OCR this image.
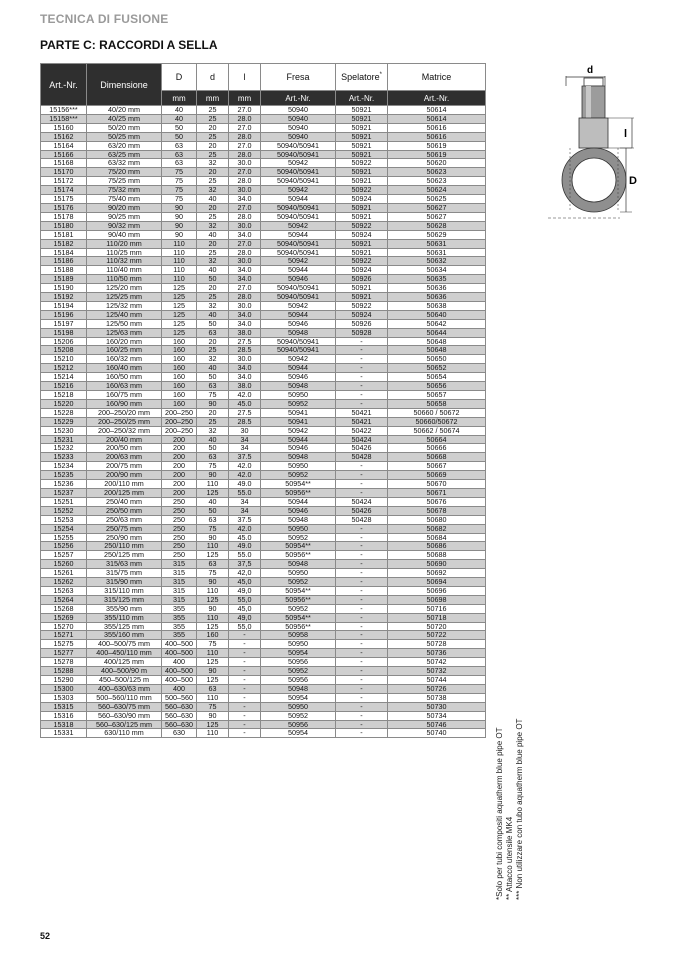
TECNICA DI FUSIONE
PARTE C: RACCORDI A SELLA
Art.-Nr.	Dimensione	D	d	l	Fresa	Spelatore*	Matrice
		mm	mm	mm	Art.-Nr.	Art.-Nr.	Art.-Nr.
15156***	40/20 mm	40	25	27.0	50940	50921	50614
15158***	40/25 mm	40	25	28.0	50940	50921	50614
15160	50/20 mm	50	20	27.0	50940	50921	50616
15162	50/25 mm	50	25	28.0	50940	50921	50616
15164	63/20 mm	63	20	27.0	50940/50941	50921	50619
15166	63/25 mm	63	25	28.0	50940/50941	50921	50619
15168	63/32 mm	63	32	30.0	50942	50922	50620
15170	75/20 mm	75	20	27.0	50940/50941	50921	50623
15172	75/25 mm	75	25	28.0	50940/50941	50921	50623
15174	75/32 mm	75	32	30.0	50942	50922	50624
15175	75/40 mm	75	40	34.0	50944	50924	50625
15176	90/20 mm	90	20	27.0	50940/50941	50921	50627
15178	90/25 mm	90	25	28.0	50940/50941	50921	50627
15180	90/32 mm	90	32	30.0	50942	50922	50628
15181	90/40 mm	90	40	34.0	50944	50924	50629
15182	110/20 mm	110	20	27.0	50940/50941	50921	50631
15184	110/25 mm	110	25	28.0	50940/50941	50921	50631
15186	110/32 mm	110	32	30.0	50942	50922	50632
15188	110/40 mm	110	40	34.0	50944	50924	50634
15189	110/50 mm	110	50	34.0	50946	50926	50635
15190	125/20 mm	125	20	27.0	50940/50941	50921	50636
15192	125/25 mm	125	25	28.0	50940/50941	50921	50636
15194	125/32 mm	125	32	30.0	50942	50922	50638
15196	125/40 mm	125	40	34.0	50944	50924	50640
15197	125/50 mm	125	50	34.0	50946	50926	50642
15198	125/63 mm	125	63	38.0	50948	50928	50644
15206	160/20 mm	160	20	27.5	50940/50941	-	50648
15208	160/25 mm	160	25	28.5	50940/50941	-	50648
15210	160/32 mm	160	32	30.0	50942	-	50650
15212	160/40 mm	160	40	34.0	50944	-	50652
15214	160/50 mm	160	50	34.0	50946	-	50654
15216	160/63 mm	160	63	38.0	50948	-	50656
15218	160/75 mm	160	75	42.0	50950	-	50657
15220	160/90 mm	160	90	45.0	50952	-	50658
15228	200–250/20 mm	200–250	20	27.5	50941	50421	50660 / 50672
15229	200–250/25 mm	200–250	25	28.5	50941	50421	50660/50672
15230	200–250/32 mm	200–250	32	30	50942	50422	50662 / 50674
15231	200/40 mm	200	40	34	50944	50424	50664
15232	200/50 mm	200	50	34	50946	50426	50666
15233	200/63 mm	200	63	37.5	50948	50428	50668
15234	200/75 mm	200	75	42.0	50950	-	50667
15235	200/90 mm	200	90	42.0	50952	-	50669
15236	200/110 mm	200	110	49.0	50954**	-	50670
15237	200/125 mm	200	125	55.0	50956**	-	50671
15251	250/40 mm	250	40	34	50944	50424	50676
15252	250/50 mm	250	50	34	50946	50426	50678
15253	250/63 mm	250	63	37.5	50948	50428	50680
15254	250/75 mm	250	75	42.0	50950	-	50682
15255	250/90 mm	250	90	45.0	50952	-	50684
15256	250/110 mm	250	110	49.0	50954**	-	50686
15257	250/125 mm	250	125	55.0	50956**	-	50688
15260	315/63 mm	315	63	37,5	50948	-	50690
15261	315/75 mm	315	75	42,0	50950	-	50692
15262	315/90 mm	315	90	45,0	50952	-	50694
15263	315/110 mm	315	110	49,0	50954**	-	50696
15264	315/125 mm	315	125	55,0	50956**	-	50698
15268	355/90 mm	355	90	45,0	50952	-	50716
15269	355/110 mm	355	110	49,0	50954**	-	50718
15270	355/125 mm	355	125	55,0	50956**	-	50720
15271	355/160 mm	355	160	-	50958	-	50722
15275	400–500/75 mm	400–500	75	-	50950	-	50728
15277	400–450/110 mm	400–500	110	-	50954	-	50736
15278	400/125 mm	400	125	-	50956	-	50742
15288	400–500/90 m	400–500	90	-	50952	-	50732
15290	450–500/125 m	400–500	125	-	50956	-	50744
15300	400–630/63 mm	400	63	-	50948	-	50726
15303	500–560/110 mm	500–560	110	-	50954	-	50738
15315	560–630/75 mm	560–630	75	-	50950	-	50730
15316	560–630/90 mm	560–630	90	-	50952	-	50734
15318	560–630/125 mm	560–630	125	-	50956	-	50746
15331	630/110 mm	630	110	-	50954	-	50740
d
l
D
*Solo per tubi compositi aquatherm blue pipe OT ** Attacco utensile MK4 *** Non utilizzare con tubo aquatherm blue pipe OT
52
